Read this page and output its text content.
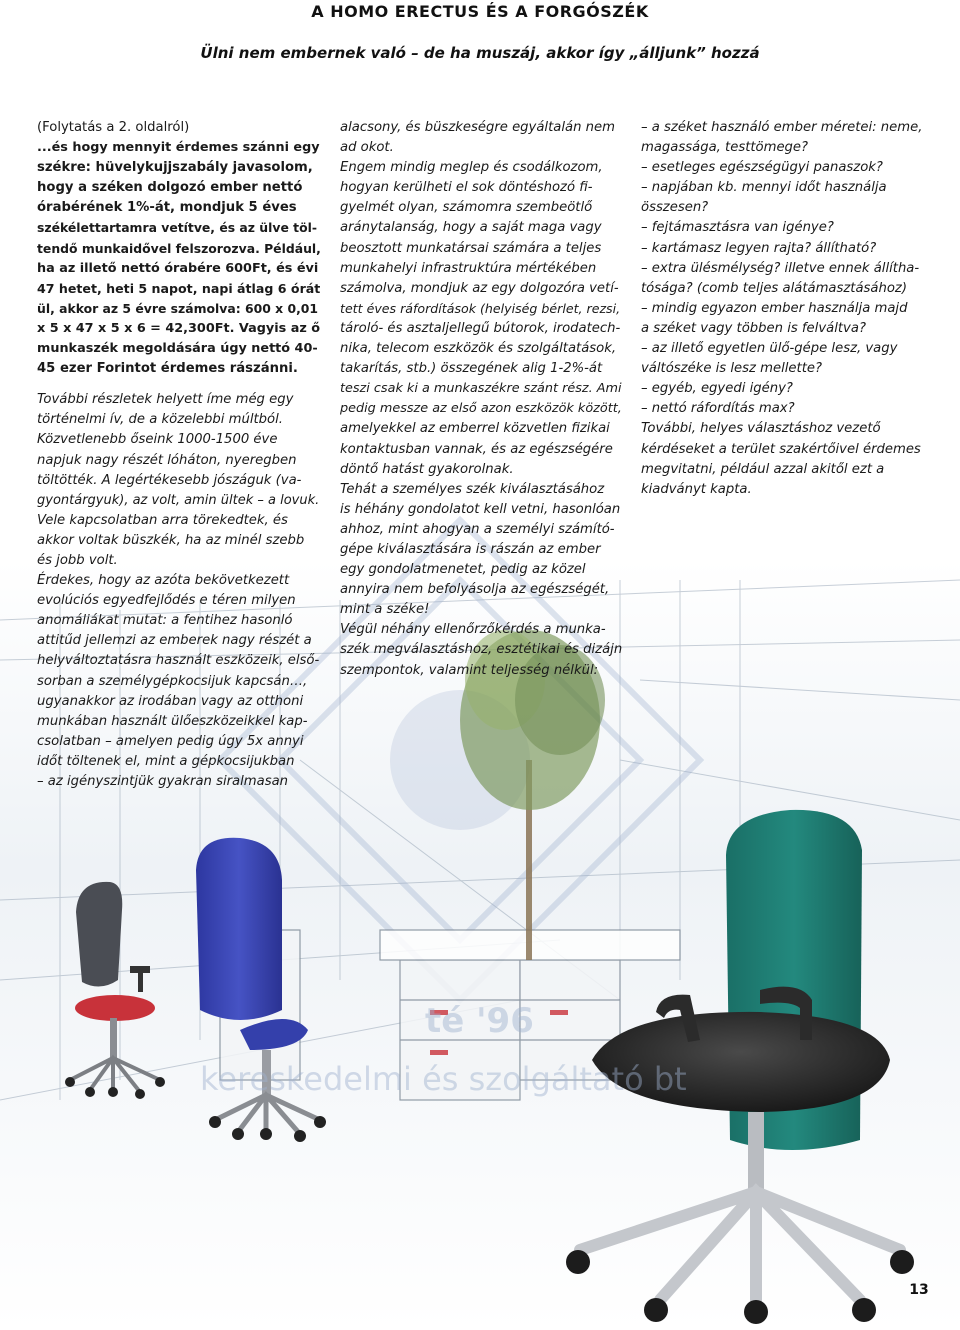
A HOMO ERECTUS ÉS A FORGÓSZÉK
Ülni nem embernek való – de ha muszáj, akkor így „álljunk” hozzá
(Folytatás a 2. oldalról)
...és hogy mennyit érdemes szánni egy
székre: hüvelykujjszabály javasolom,
hogy a széken dolgozó ember nettó
órabérének 1%-át, mondjuk 5 éves
székélettartamra vetítve, és az ülve töl-
tendő munkaidővel felszorozva. Például,
ha az illető nettó órabére 600Ft, és évi
47 hetet, heti 5 napot, napi átlag 6 órát
ül, akkor az 5 évre számolva: 600 x 0,01
x 5 x 47 x 5 x 6 = 42,300Ft. Vagyis az ő
munkaszék megoldására úgy nettó 40-
45 ezer Forintot érdemes rászánni.
További részletek helyett íme még egy
történelmi ív, de a közelebbi múltból.
Közvetlenebb őseink 1000-1500 éve
napjuk nagy részét lóháton, nyeregben
töltötték. A legértékesebb jószáguk (va-
gyontárgyuk), az volt, amin ültek – a lovuk.
Vele kapcsolatban arra törekedtek, és
akkor voltak büszkék, ha az minél szebb
és jobb volt.
Érdekes, hogy az azóta bekövetkezett
evolúciós egyedfejlődés e téren milyen
anomáliákat mutat: a fentihez hasonló
attitűd jellemzi az emberek nagy részét a
helyváltoztatásra használt eszközeik, első-
sorban a személygépkocsijuk kapcsán…,
ugyanakkor az irodában vagy az otthoni
munkában használt ülőeszközeikkel kap-
csolatban – amelyen pedig úgy 5x annyi
időt töltenek el, mint a gépkocsijukban
– az igényszintjük gyakran siralmasan
alacsony, és büszkeségre egyáltalán nem
ad okot.
Engem mindig meglep és csodálkozom,
hogyan kerülheti el sok döntéshozó fi-
gyelmét olyan, számomra szembeötlő
aránytalanság, hogy a saját maga vagy
beosztott munkatársai számára a teljes
munkahelyi infrastruktúra mértékében
számolva, mondjuk az egy dolgozóra vetí-
tett éves ráfordítások (helyiség bérlet, rezsi,
tároló- és asztaljellegű bútorok, irodatech-
nika, telecom eszközök és szolgáltatások,
takarítás, stb.) összegének alig 1-2%-át
teszi csak ki a munkaszékre szánt rész. Ami
pedig messze az első azon eszközök között,
amelyekkel az emberrel közvetlen fizikai
kontaktusban vannak, és az egészségére
döntő hatást gyakorolnak.
Tehát a személyes szék kiválasztásához
is héhány gondolatot kell vetni, hasonlóan
ahhoz, mint ahogyan a személyi számító-
gépe kiválasztására is rászán az ember
egy gondolatmenetet, pedig az közel
annyira nem befolyásolja az egészségét,
mint a széke!
Végül néhány ellenőrzőkérdés a munka-
szék megválasztáshoz, esztétikai és dizájn
szempontok, valamint teljesség nélkül:
– a széket használó ember méretei: neme,
magassága, testtömege?
– esetleges egészségügyi panaszok?
– napjában kb. mennyi időt használja
összesen?
– fejtámasztásra van igénye?
– kartámasz legyen rajta? állítható?
– extra ülésmélység? illetve ennek állítha-
tósága? (comb teljes alátámasztásához)
– mindig egyazon ember használja majd
a széket vagy többen is felváltva?
– az illető egyetlen ülő-gépe lesz, vagy
váltószéke is lesz mellette?
– egyéb, egyedi igény?
– nettó ráfordítás max?
További, helyes választáshoz vezető
kérdéseket a terület szakértőivel érdemes
megvitatni, például azzal akitől ezt a
kiadványt kapta.
té '96
kereskedelmi és szolgáltató bt
13
